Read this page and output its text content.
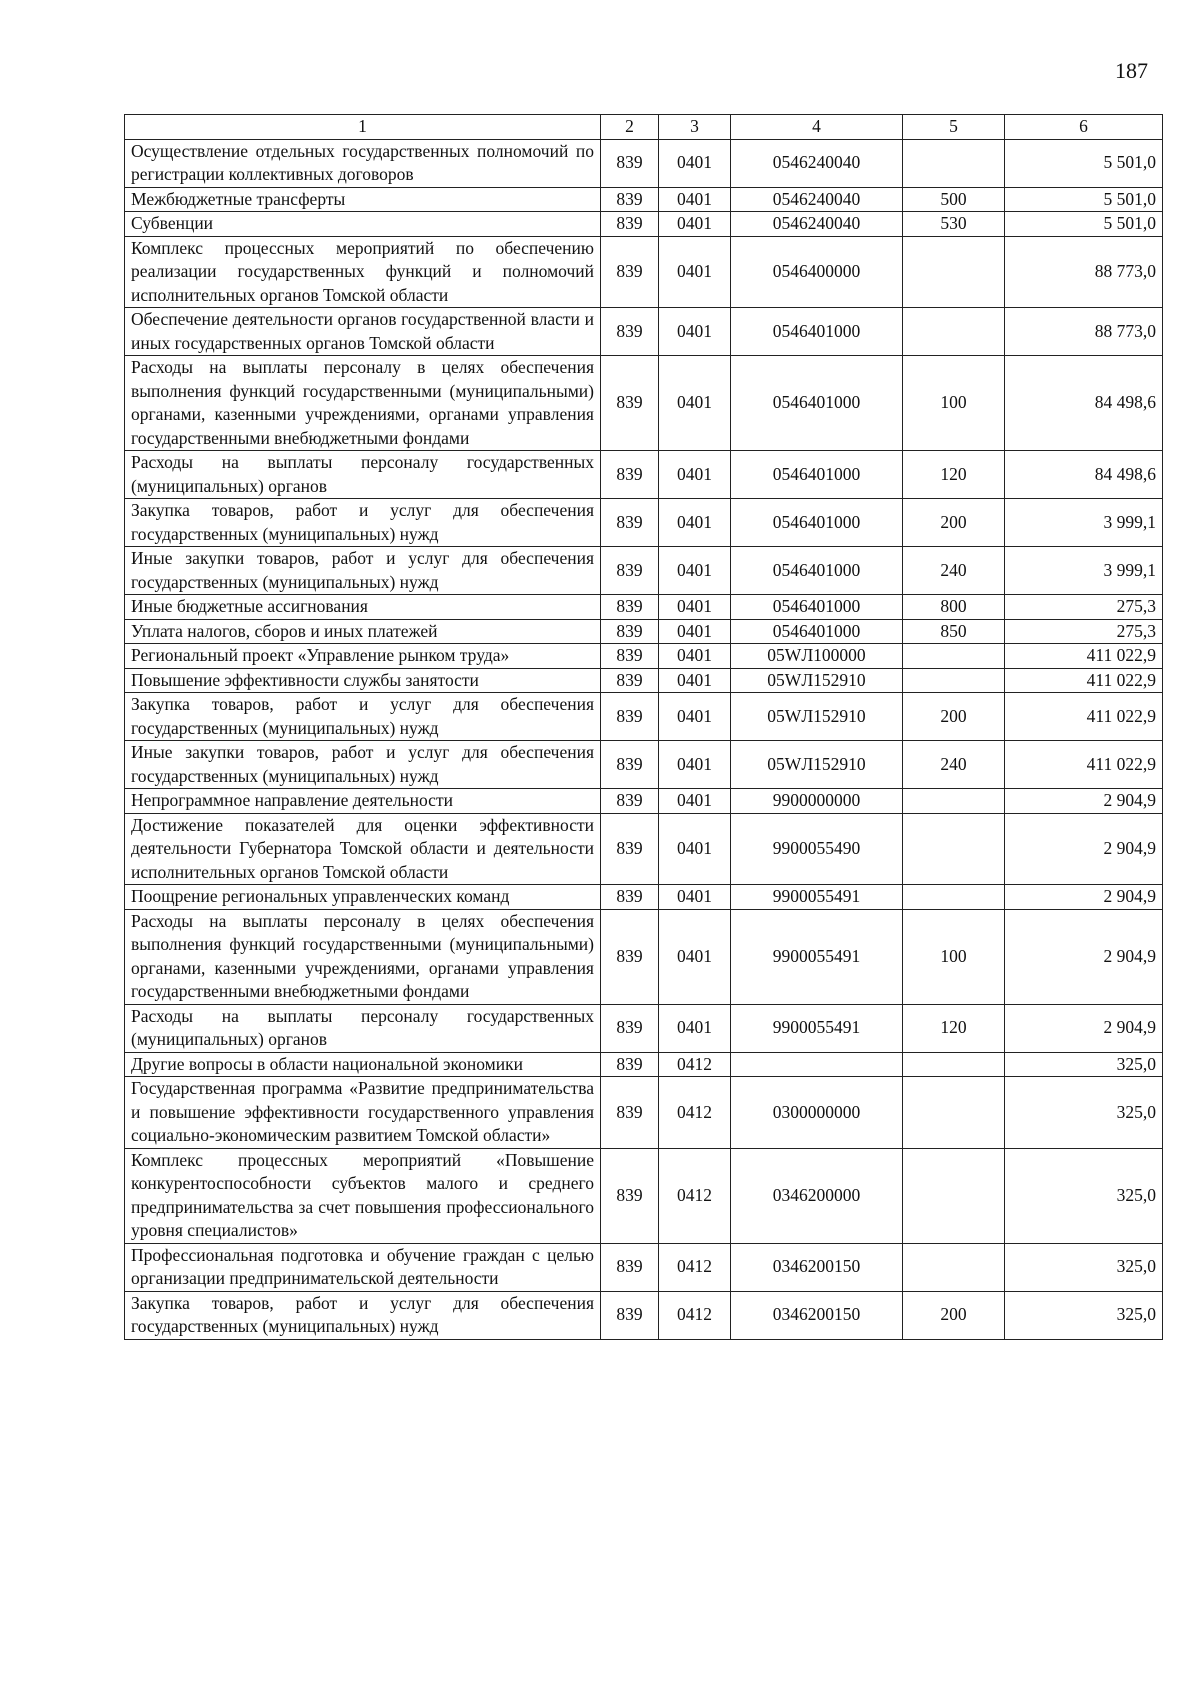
187
1	2	3	4	5	6
Осуществление отдельных государственных полномочий по регистрации коллективных договоров	839	0401	0546240040		5 501,0
Межбюджетные трансферты	839	0401	0546240040	500	5 501,0
Субвенции	839	0401	0546240040	530	5 501,0
Комплекс процессных мероприятий по обеспечению реализации государственных функций и полномочий исполнительных органов Томской области	839	0401	0546400000		88 773,0
Обеспечение деятельности органов государственной власти и иных государственных органов Томской области	839	0401	0546401000		88 773,0
Расходы на выплаты персоналу в целях обеспечения выполнения функций государственными (муниципальными) органами, казенными учреждениями, органами управления государственными внебюджетными фондами	839	0401	0546401000	100	84 498,6
Расходы на выплаты персоналу государственных (муниципальных) органов	839	0401	0546401000	120	84 498,6
Закупка товаров, работ и услуг для обеспечения государственных (муниципальных) нужд	839	0401	0546401000	200	3 999,1
Иные закупки товаров, работ и услуг для обеспечения государственных (муниципальных) нужд	839	0401	0546401000	240	3 999,1
Иные бюджетные ассигнования	839	0401	0546401000	800	275,3
Уплата налогов, сборов и иных платежей	839	0401	0546401000	850	275,3
Региональный проект «Управление рынком труда»	839	0401	05WЛ100000		411 022,9
Повышение эффективности службы занятости	839	0401	05WЛ152910		411 022,9
Закупка товаров, работ и услуг для обеспечения государственных (муниципальных) нужд	839	0401	05WЛ152910	200	411 022,9
Иные закупки товаров, работ и услуг для обеспечения государственных (муниципальных) нужд	839	0401	05WЛ152910	240	411 022,9
Непрограммное направление деятельности	839	0401	9900000000		2 904,9
Достижение показателей для оценки эффективности деятельности Губернатора Томской области и деятельности исполнительных органов Томской области	839	0401	9900055490		2 904,9
Поощрение региональных управленческих команд	839	0401	9900055491		2 904,9
Расходы на выплаты персоналу в целях обеспечения выполнения функций государственными (муниципальными) органами, казенными учреждениями, органами управления государственными внебюджетными фондами	839	0401	9900055491	100	2 904,9
Расходы на выплаты персоналу государственных (муниципальных) органов	839	0401	9900055491	120	2 904,9
Другие вопросы в области национальной экономики	839	0412			325,0
Государственная программа «Развитие предпринимательства и повышение эффективности государственного управления социально-экономическим развитием Томской области»	839	0412	0300000000		325,0
Комплекс процессных мероприятий «Повышение конкурентоспособности субъектов малого и среднего предпринимательства за счет повышения профессионального уровня специалистов»	839	0412	0346200000		325,0
Профессиональная подготовка и обучение граждан с целью организации предпринимательской деятельности	839	0412	0346200150		325,0
Закупка товаров, работ и услуг для обеспечения государственных (муниципальных) нужд	839	0412	0346200150	200	325,0
